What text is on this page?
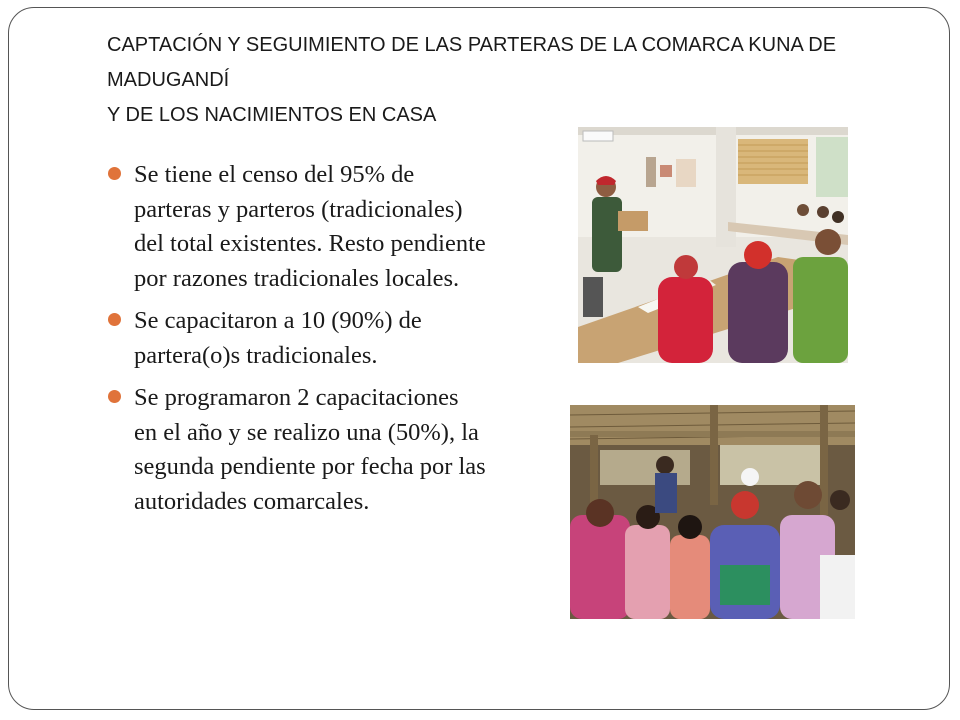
CAPTACIÓN Y SEGUIMIENTO DE LAS PARTERAS DE LA COMARCA KUNA DE
MADUGANDÍ
Y DE LOS NACIMIENTOS EN CASA
Se tiene el censo del 95% de parteras y parteros (tradicionales) del total existentes. Resto pendiente por razones tradicionales locales.
Se capacitaron a 10 (90%) de partera(o)s tradicionales.
Se programaron 2 capacitaciones en el año y se realizo una (50%), la segunda pendiente por fecha por las autoridades comarcales.
